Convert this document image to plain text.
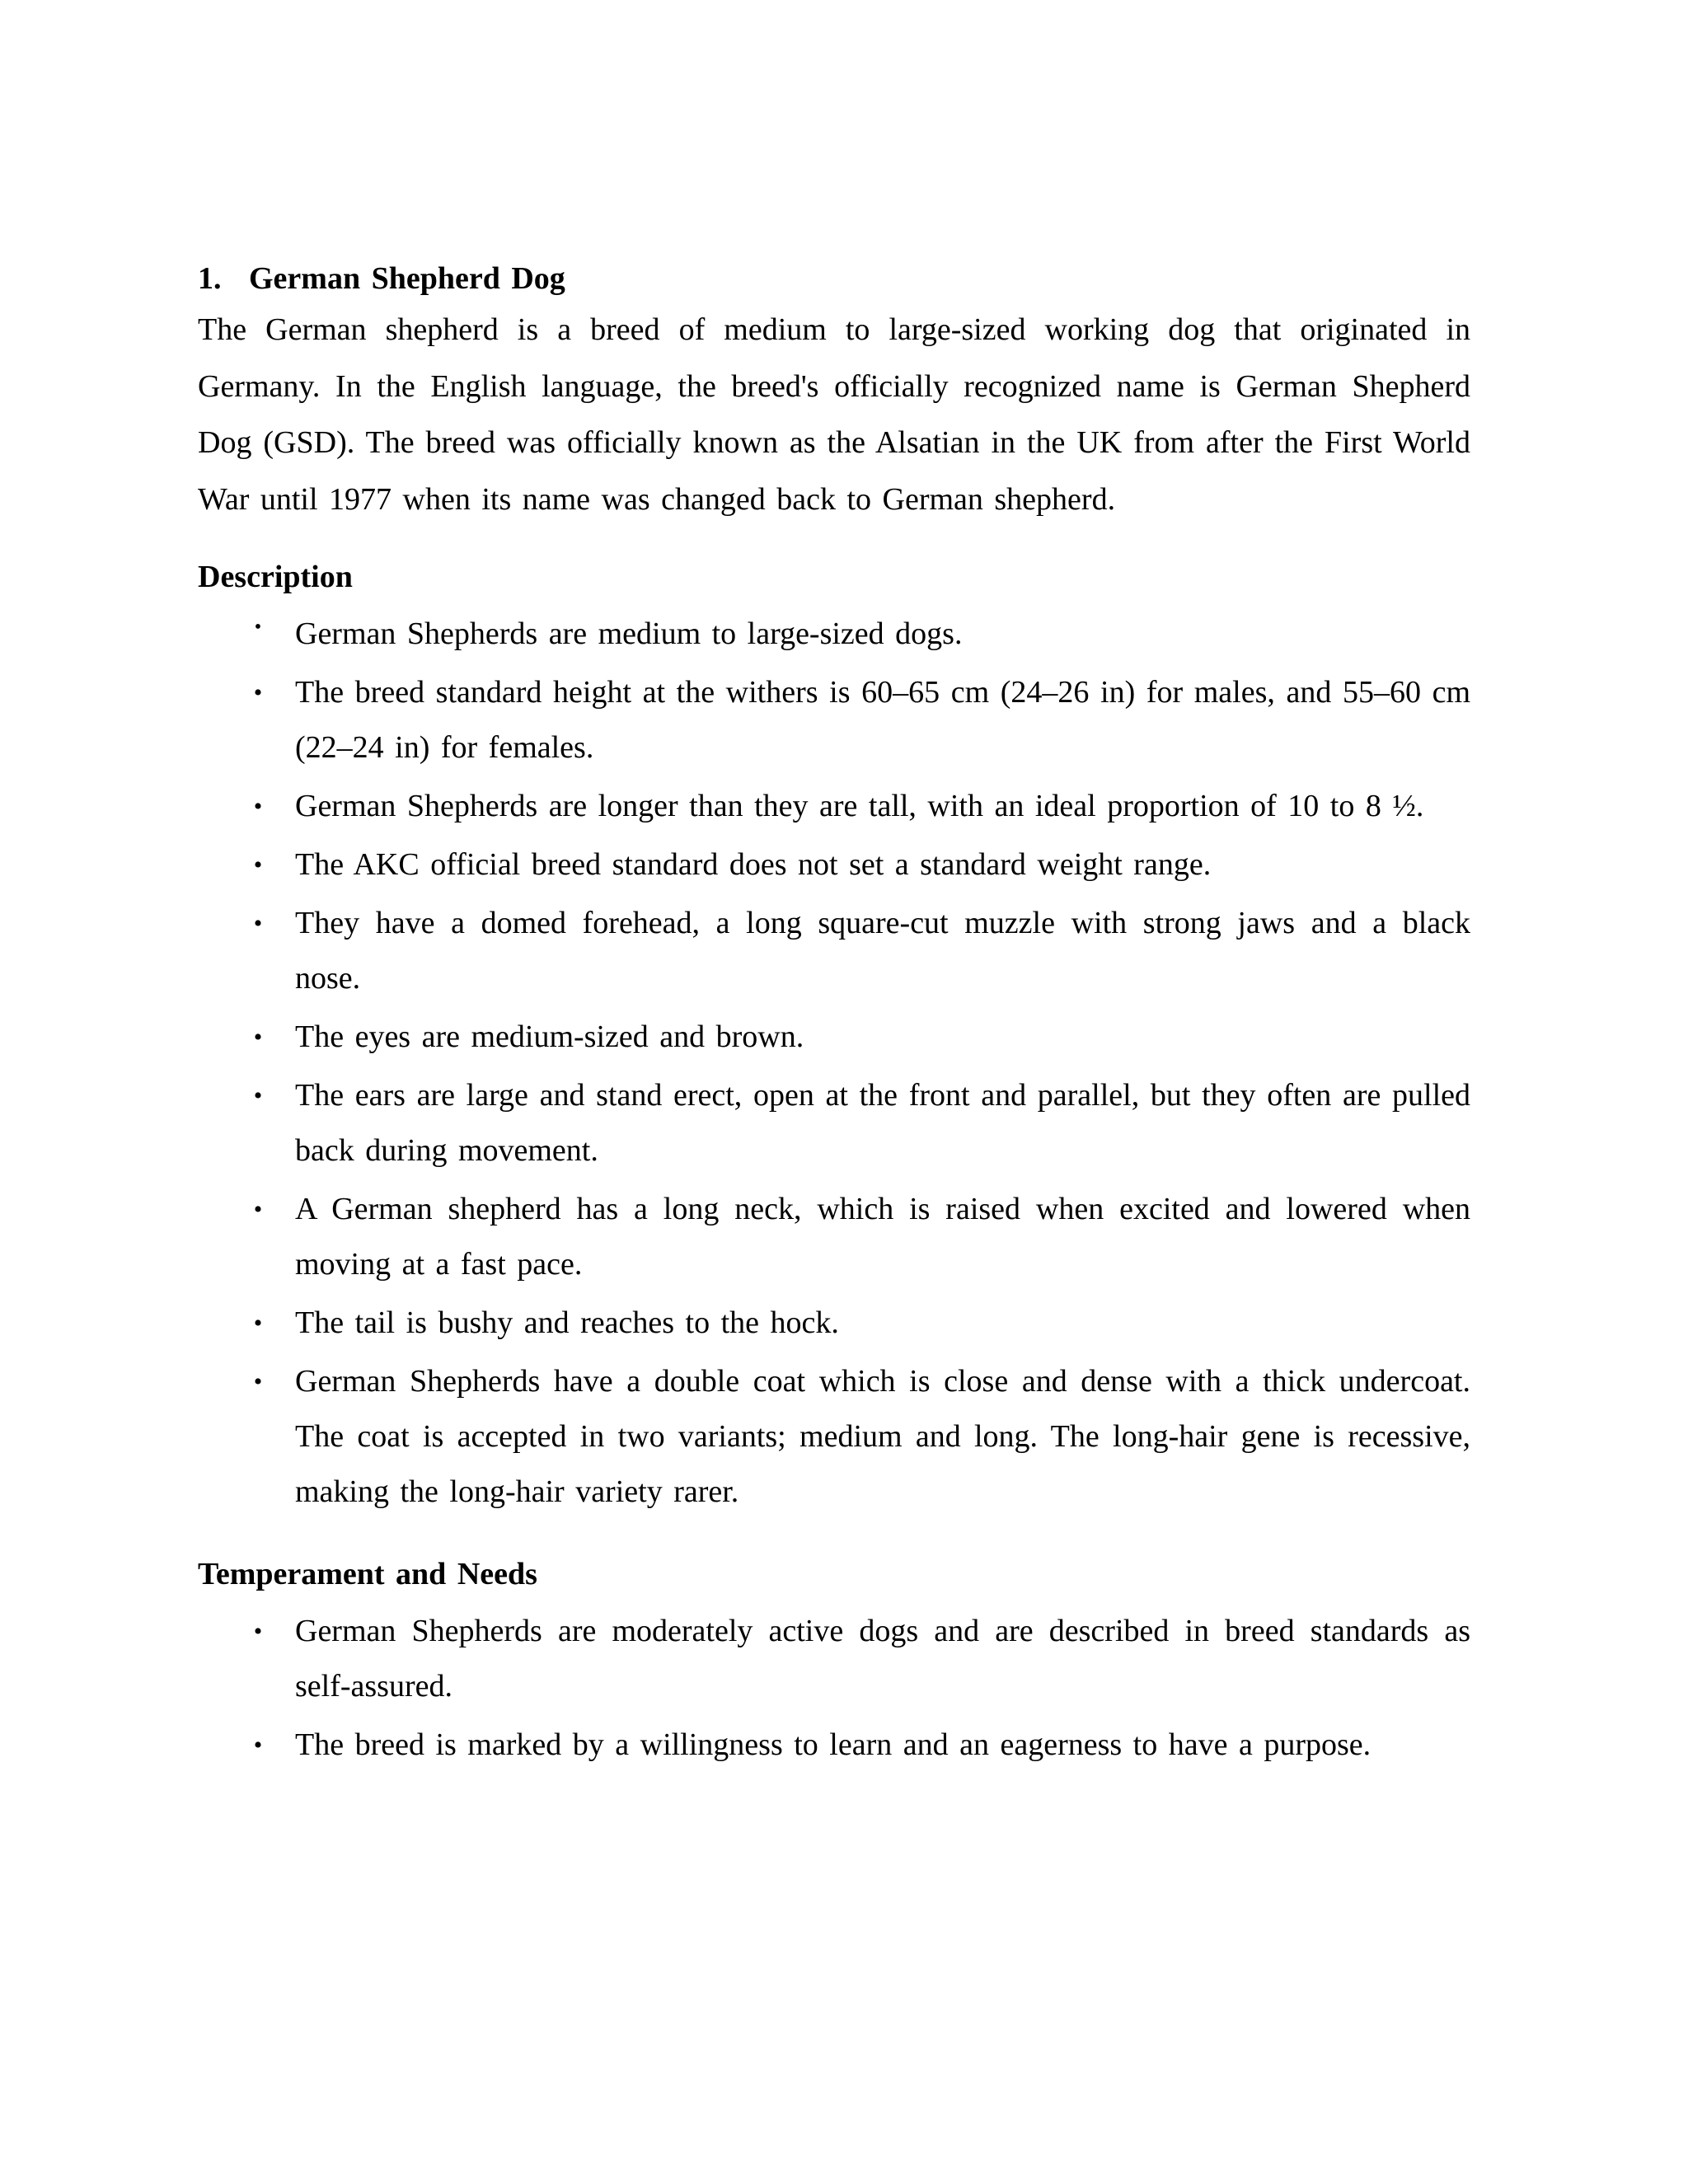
1. German Shepherd Dog

The German shepherd is a breed of medium to large-sized working dog that originated in Germany. In the English language, the breed's officially recognized name is German Shepherd Dog (GSD). The breed was officially known as the Alsatian in the UK from after the First World War until 1977 when its name was changed back to German shepherd.

Description
• German Shepherds are medium to large-sized dogs.
• The breed standard height at the withers is 60–65 cm (24–26 in) for males, and 55–60 cm (22–24 in) for females.
• German Shepherds are longer than they are tall, with an ideal proportion of 10 to 8 ½.
• The AKC official breed standard does not set a standard weight range.
• They have a domed forehead, a long square-cut muzzle with strong jaws and a black nose.
• The eyes are medium-sized and brown.
• The ears are large and stand erect, open at the front and parallel, but they often are pulled back during movement.
• A German shepherd has a long neck, which is raised when excited and lowered when moving at a fast pace.
• The tail is bushy and reaches to the hock.
• German Shepherds have a double coat which is close and dense with a thick undercoat. The coat is accepted in two variants; medium and long. The long-hair gene is recessive, making the long-hair variety rarer.
Temperament and Needs
• German Shepherds are moderately active dogs and are described in breed standards as self-assured.
• The breed is marked by a willingness to learn and an eagerness to have a purpose.
